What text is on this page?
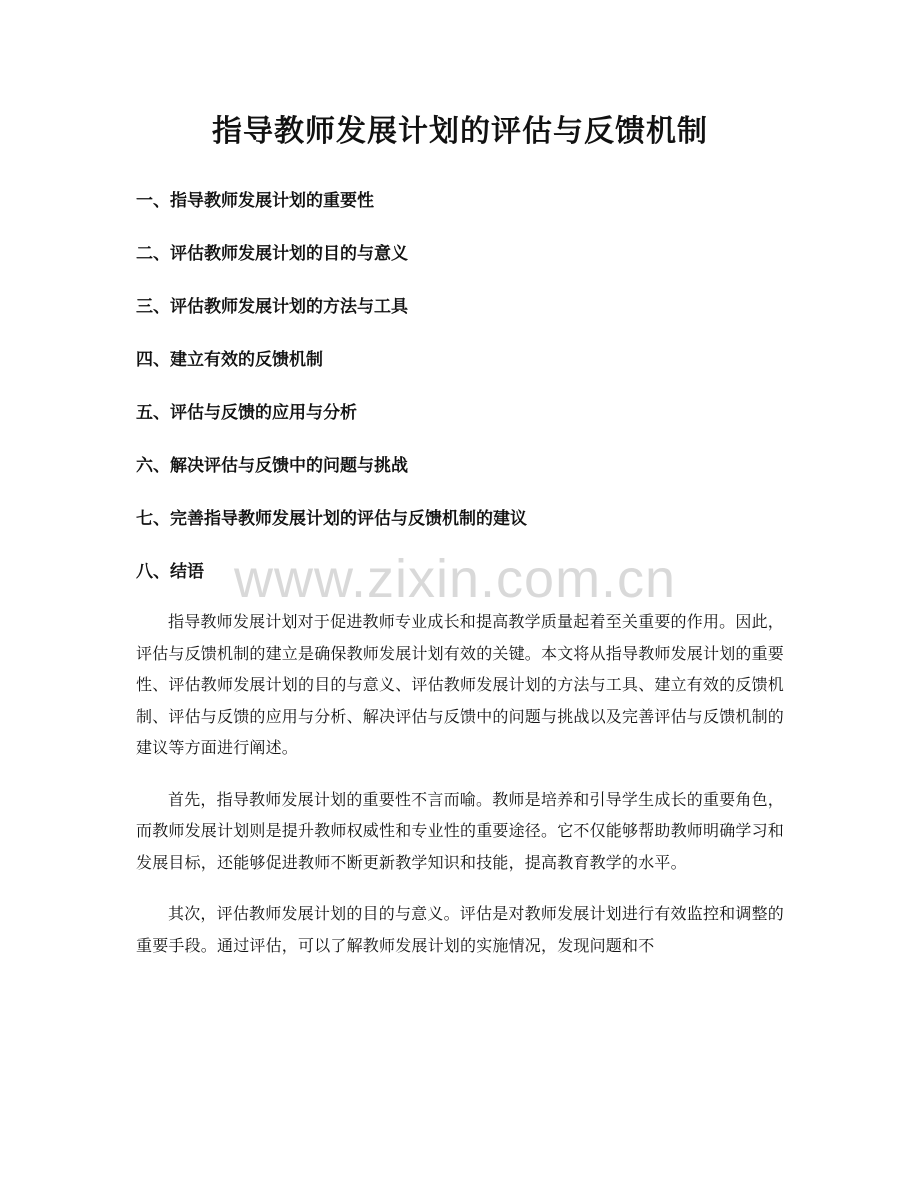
指导教师发展计划的评估与反馈机制
一、指导教师发展计划的重要性
二、评估教师发展计划的目的与意义
三、评估教师发展计划的方法与工具
四、建立有效的反馈机制
五、评估与反馈的应用与分析
六、解决评估与反馈中的问题与挑战
七、完善指导教师发展计划的评估与反馈机制的建议
八、结语 www.zixin.com.cn

指导教师发展计划对于促进教师专业成长和提高教学质量起着至关重要的作用。因此，评估与反馈机制的建立是确保教师发展计划有效的关键。本文将从指导教师发展计划的重要性、评估教师发展计划的目的与意义、评估教师发展计划的方法与工具、建立有效的反馈机制、评估与反馈的应用与分析、解决评估与反馈中的问题与挑战以及完善评估与反馈机制的建议等方面进行阐述。

首先，指导教师发展计划的重要性不言而喻。教师是培养和引导学生成长的重要角色，而教师发展计划则是提升教师权威性和专业性的重要途径。它不仅能够帮助教师明确学习和发展目标，还能够促进教师不断更新教学知识和技能，提高教育教学的水平。

其次，评估教师发展计划的目的与意义。评估是对教师发展计划进行有效监控和调整的重要手段。通过评估，可以了解教师发展计划的实施情况，发现问题和不
